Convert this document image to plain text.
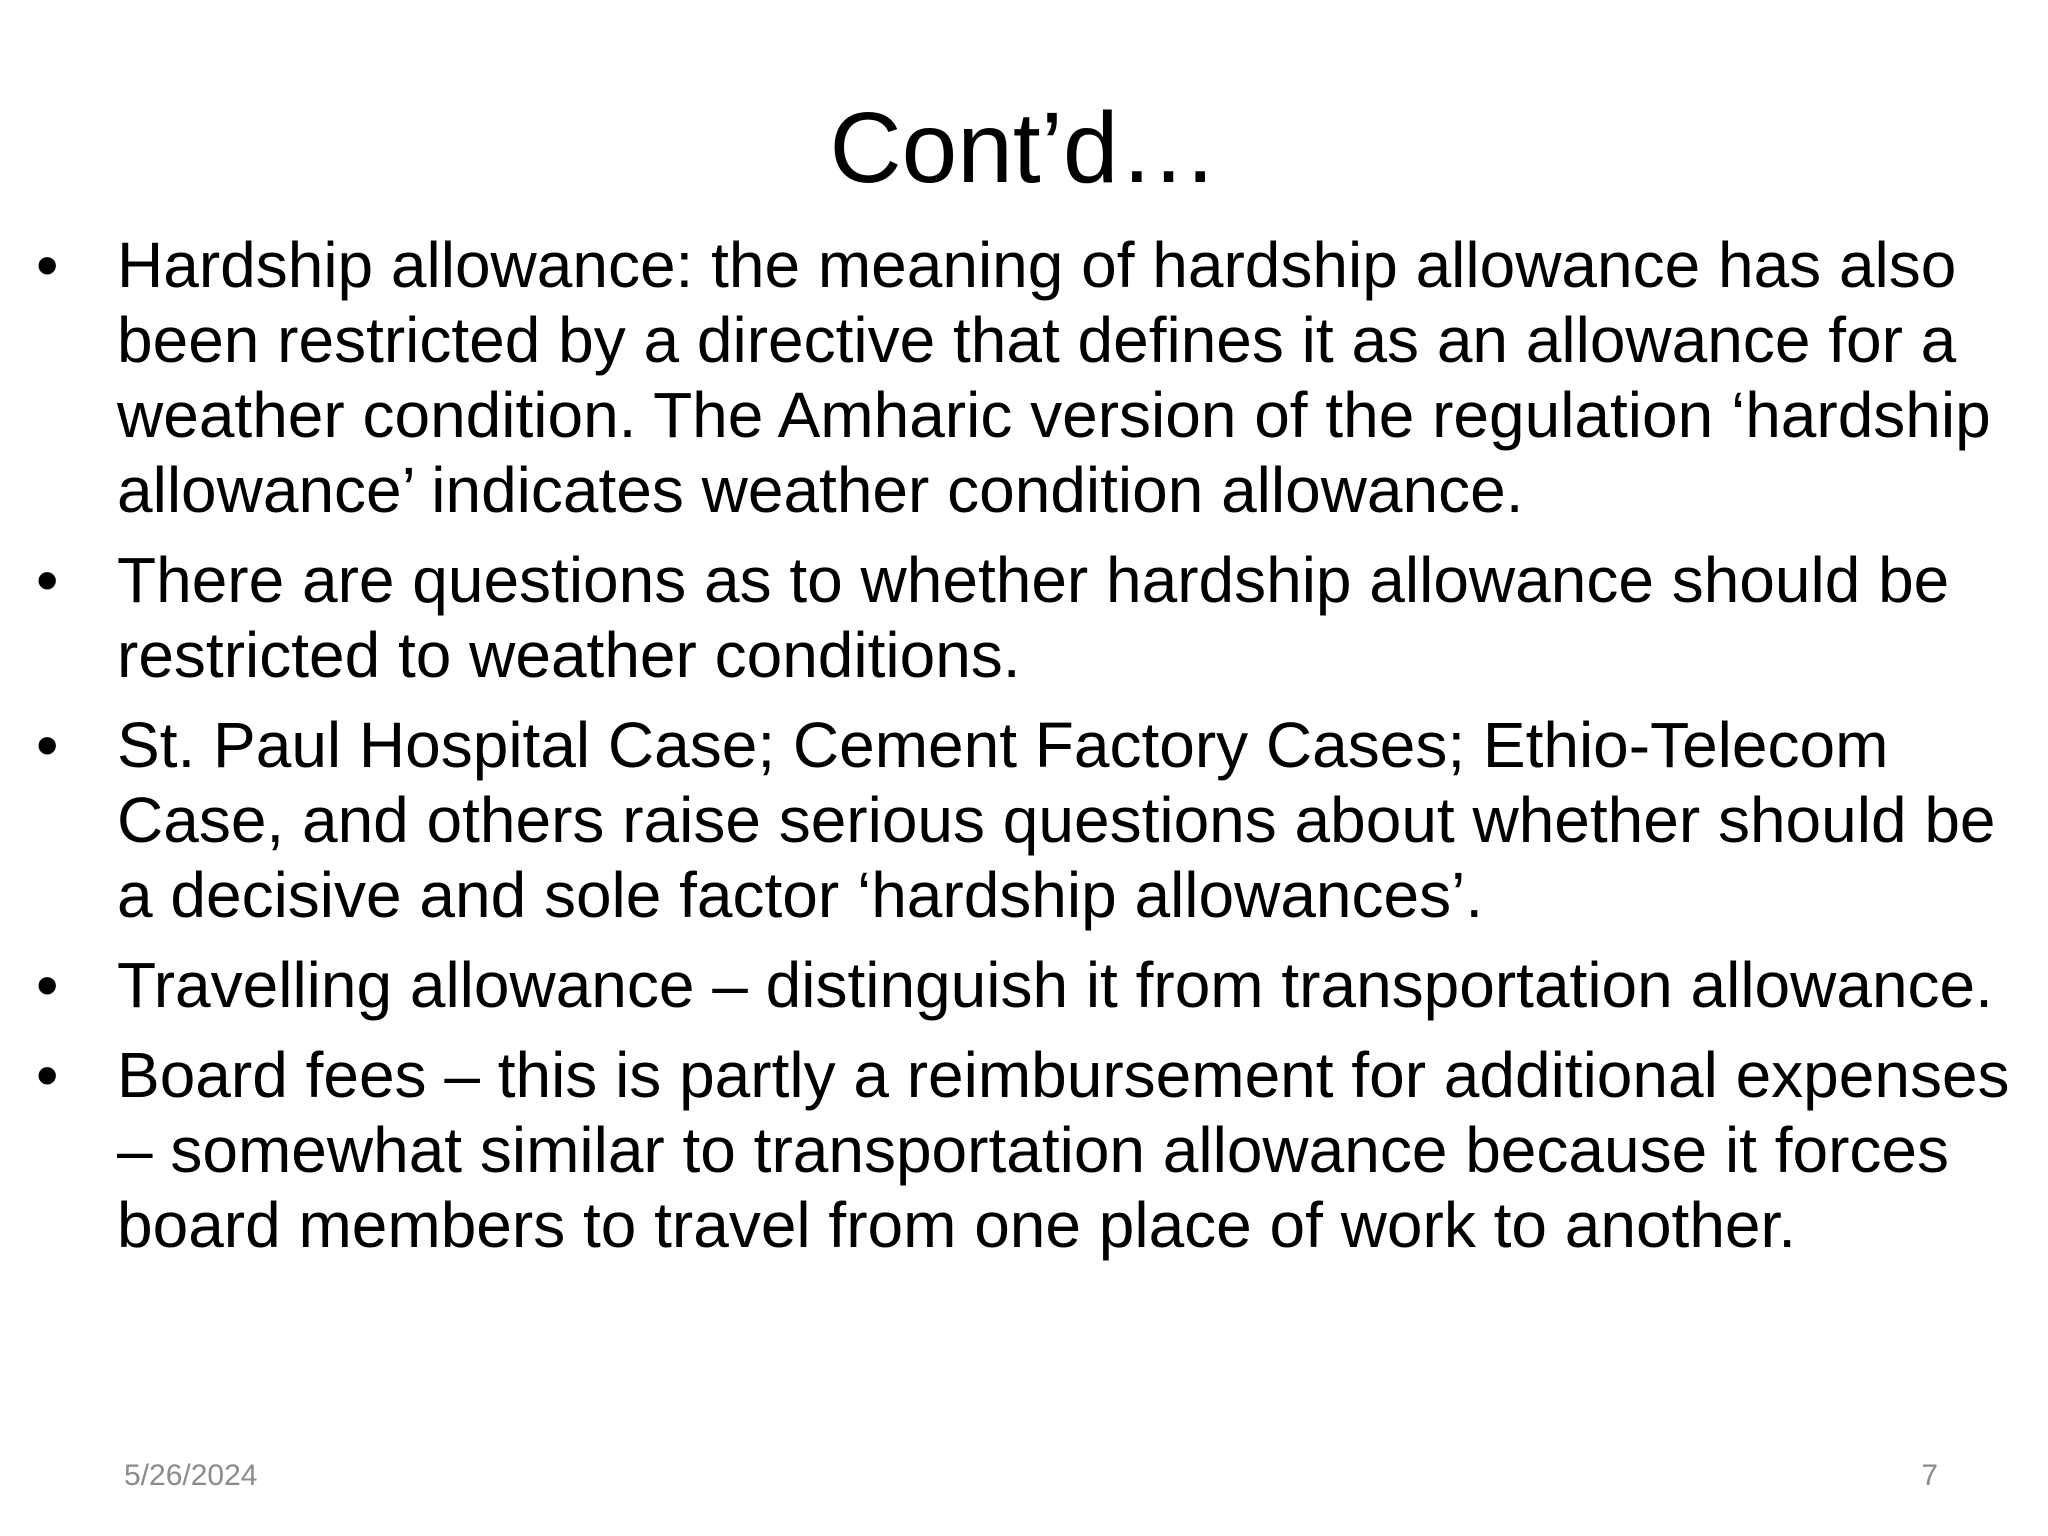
Cont’d…
• Hardship allowance: the meaning of hardship allowance has also been restricted by a directive that defines it as an allowance for a weather condition. The Amharic version of the regulation ‘hardship allowance’ indicates weather condition allowance.
• There are questions as to whether hardship allowance should be restricted to weather conditions.
• St. Paul Hospital Case; Cement Factory Cases; Ethio-Telecom Case, and others raise serious questions about whether should be a decisive and sole factor ‘hardship allowances’.
• Travelling allowance – distinguish it from transportation allowance.
• Board fees – this is partly a reimbursement for additional expenses – somewhat similar to transportation allowance because it forces board members to travel from one place of work to another.
5/26/2024	7
